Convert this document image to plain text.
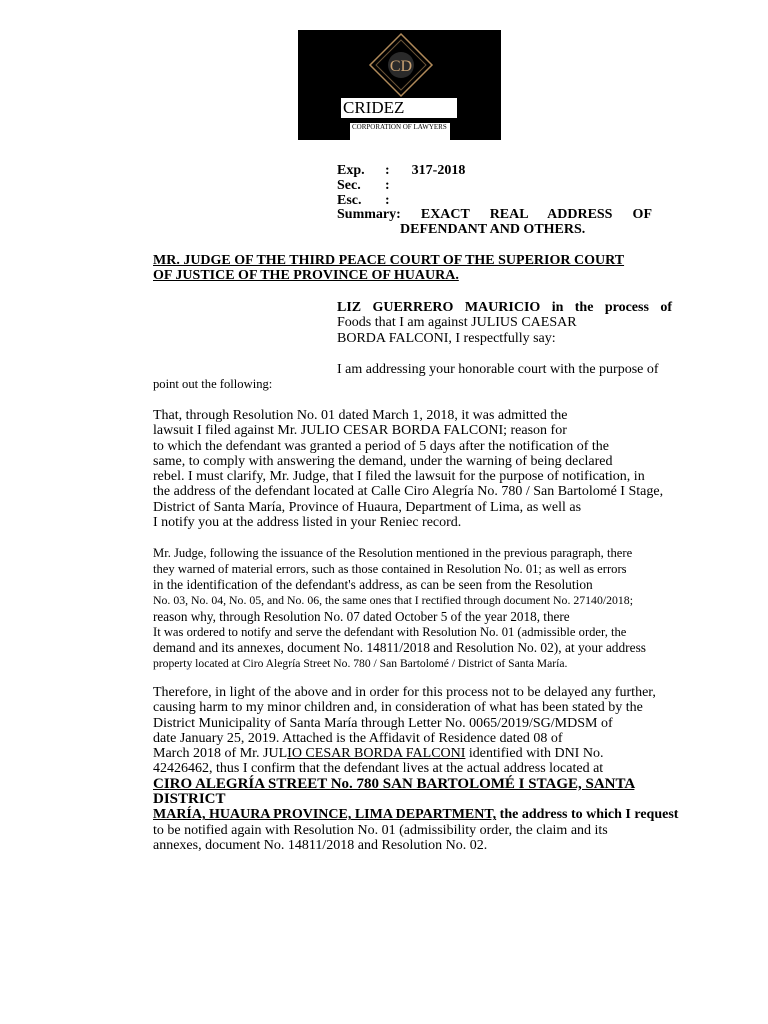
CD
CRIDEZ
CORPORATION OF LAWYERS
Exp. : 317-2018
Sec. :
Esc. :
Summary: EXACT REAL ADDRESS OF
DEFENDANT AND OTHERS.
MR. JUDGE OF THE THIRD PEACE COURT OF THE SUPERIOR COURT
OF JUSTICE OF THE PROVINCE OF HUAURA.
LIZ GUERRERO MAURICIO in the process of
Foods that I am against JULIUS CAESAR
BORDA FALCONI, I respectfully say:
I am addressing your honorable court with the purpose of
point out the following:
That, through Resolution No. 01 dated March 1, 2018, it was admitted the
lawsuit I filed against Mr. JULIO CESAR BORDA FALCONI; reason for
to which the defendant was granted a period of 5 days after the notification of the
same, to comply with answering the demand, under the warning of being declared
rebel. I must clarify, Mr. Judge, that I filed the lawsuit for the purpose of notification, in
the address of the defendant located at Calle Ciro Alegría No. 780 / San Bartolomé I Stage,
District of Santa María, Province of Huaura, Department of Lima, as well as
I notify you at the address listed in your Reniec record.
Mr. Judge, following the issuance of the Resolution mentioned in the previous paragraph, there
they warned of material errors, such as those contained in Resolution No. 01; as well as errors
in the identification of the defendant's address, as can be seen from the Resolution
No. 03, No. 04, No. 05, and No. 06, the same ones that I rectified through document No. 27140/2018;
reason why, through Resolution No. 07 dated October 5 of the year 2018, there
It was ordered to notify and serve the defendant with Resolution No. 01 (admissible order, the
demand and its annexes, document No. 14811/2018 and Resolution No. 02), at your address
property located at Ciro Alegría Street No. 780 / San Bartolomé / District of Santa María.
Therefore, in light of the above and in order for this process not to be delayed any further,
causing harm to my minor children and, in consideration of what has been stated by the
District Municipality of Santa María through Letter No. 0065/2019/SG/MDSM of
date January 25, 2019. Attached is the Affidavit of Residence dated 08 of
March 2018 of Mr. JULIO CESAR BORDA FALCONI identified with DNI No.
42426462, thus I confirm that the defendant lives at the actual address located at
CIRO ALEGRÍA STREET No. 780 SAN BARTOLOMÉ I STAGE, SANTA DISTRICT
MARÍA, HUAURA PROVINCE, LIMA DEPARTMENT, the address to which I request
to be notified again with Resolution No. 01 (admissibility order, the claim and its
annexes, document No. 14811/2018 and Resolution No. 02.
